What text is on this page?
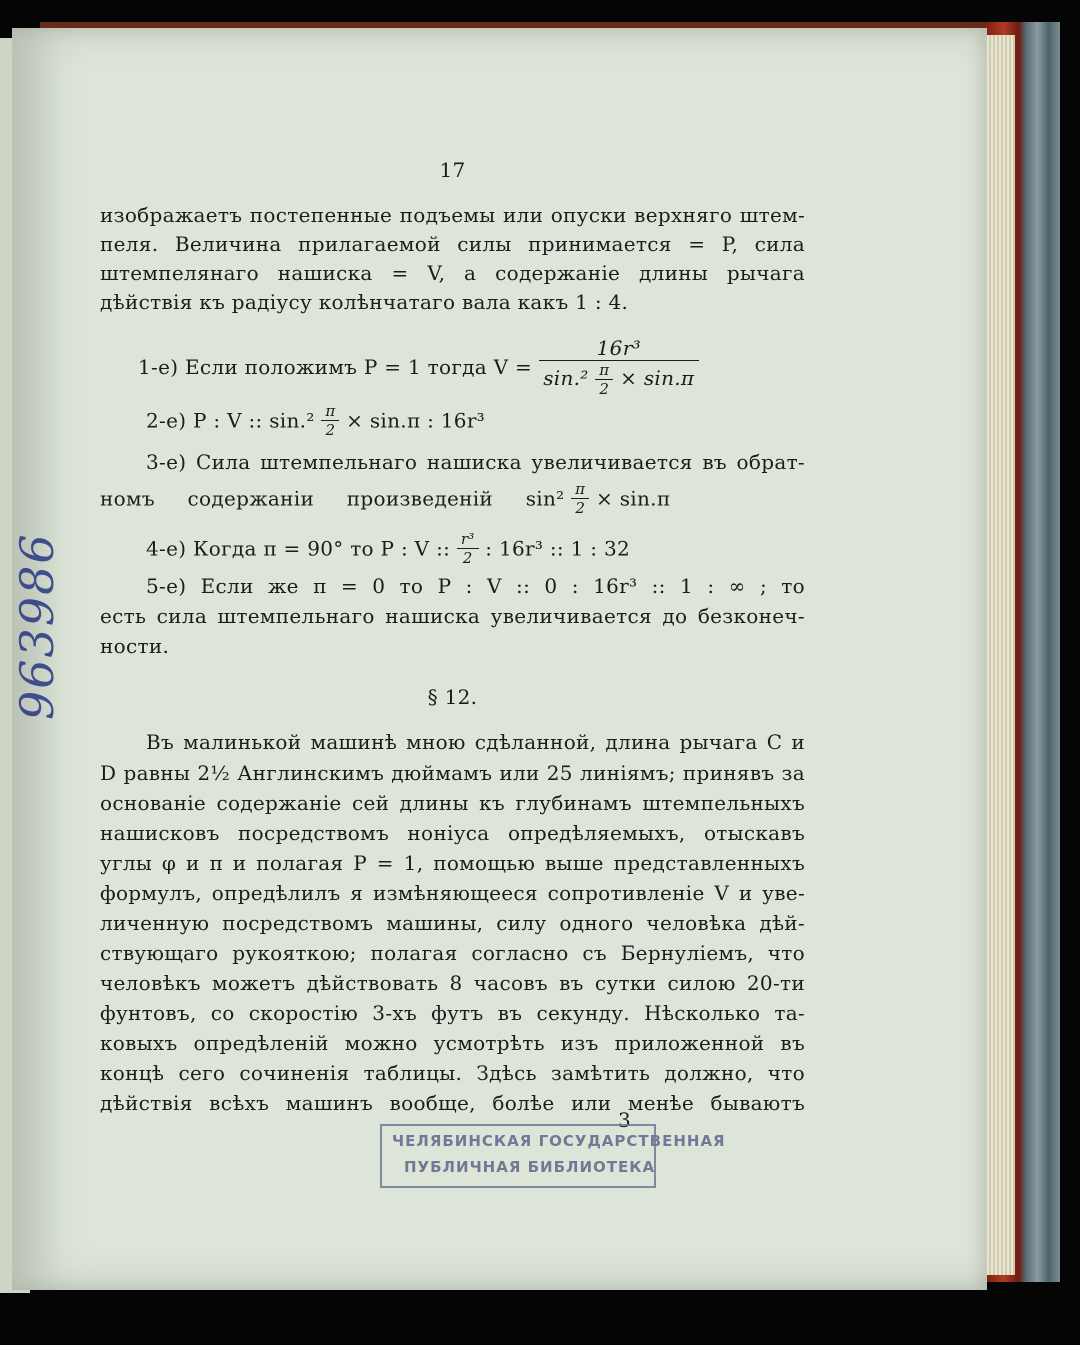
17
изображаетъ постепенные подъемы или опуски верхняго штем-
пеля. Величина прилагаемой силы принимается = P, сила
штемпелянаго нашиска = V, а содержанiе длины рычага
дѣйствiя къ радiусу колѣнчатаго вала какъ 1 : 4.
1-е) Если положимъ P = 1 тогда $V = \frac{\text{16r³}}{\sin.^2 \frac{\pi}{2} \times \sin.\pi}$
2-е) P : V :: $\sin.^2 \frac{\pi}{2} \times \sin.\pi$ : 16r³
3-е) Сила штемпельнаго нашиска увеличивается въ обрат-
номъ содержанiи произведенiй $\sin^2 \frac{\pi}{2} \times \sin.\pi$
4-е) Когда π = 90° то P : V :: $\frac{\text{r³}}{2}$ : 16r³ :: 1 : 32
5-е) Если же π = 0 то P : V :: 0 : 16r³ :: 1 : ∞ ; то
есть сила штемпельнаго нашиска увеличивается до безконеч-
ности.
§ 12.
Въ малинькой машинѣ мною сдѣланной, длина рычага C и
D равны 2½ Англинскимъ дюймамъ или 25 линiямъ; принявъ за
основанiе содержанiе сей длины къ глубинамъ штемпельныхъ
нашисковъ посредствомъ нонiуса опредѣляемыхъ, отыскавъ
углы φ и π и полагая P = 1, помощью выше представленныхъ
формулъ, опредѣлилъ я измѣняющееся сопротивленiе V и уве-
личенную посредствомъ машины, силу одного человѣка дѣй-
ствующаго рукояткою; полагая согласно съ Бернулiемъ, что
человѣкъ можетъ дѣйствовать 8 часовъ въ сутки силою 20-ти
фунтовъ, со скоростiю 3-хъ футъ въ секунду. Нѣсколько та-
ковыхъ опредѣленiй можно усмотрѣть изъ приложенной въ
концѣ сего сочиненiя таблицы. Здѣсь замѣтить должно, что
дѣйствiя всѣхъ машинъ вообще, болѣе или менѣе бываютъ
3
ЧЕЛЯБИНСКАЯ ГОСУДАРСТВЕННАЯ
ПУБЛИЧНАЯ БИБЛИОТЕКА
963986
